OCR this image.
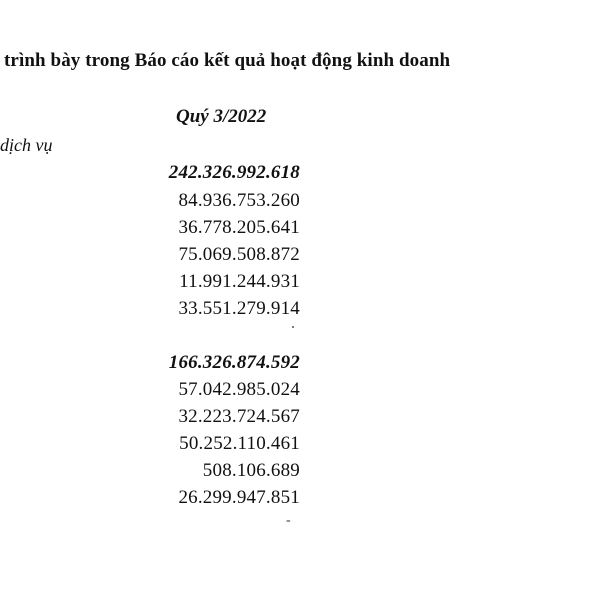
trình bày trong Báo cáo kết quả hoạt động kinh doanh
Quý 3/2022
dịch vụ
242.326.992.618
84.936.753.260
36.778.205.641
75.069.508.872
11.991.244.931
33.551.279.914
166.326.874.592
57.042.985.024
32.223.724.567
50.252.110.461
508.106.689
26.299.947.851
-
